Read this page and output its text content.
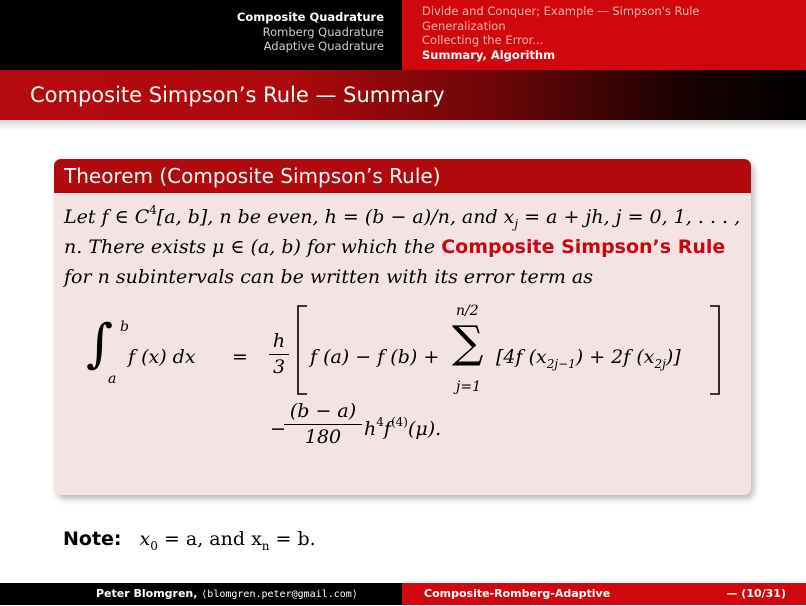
Composite Quadrature
Romberg Quadrature
Adaptive Quadrature
Divide and Conquer; Example — Simpson's Rule
Generalization
Collecting the Error...
Summary, Algorithm
Composite Simpson’s Rule — Summary
Theorem (Composite Simpson’s Rule)

Let f ∈ $C^4[a$, b], n be even, h = (b − a)/n, and $x_j = a$ + jh, j = 0, 1, . . . , n. There exists μ ∈ (a, b) for which the Composite Simpson’s Rule for n subintervals can be written with its error term as

∫ b
a
f (x) dx =
h
3 f (a) − f (b) +
n/2
∑
j=1
[4f $(x_{2j-1}) + 2f$ $(x_{2j})$]
−
(b − a)
180	$h^4f^{(4)}(\mu)$.
Note: $x_0 = a$, and $x_n = b$.
Peter Blomgren, ⟨blomgren.peter@gmail.com⟩	Composite-Romberg-Adaptive	— (10/31)
